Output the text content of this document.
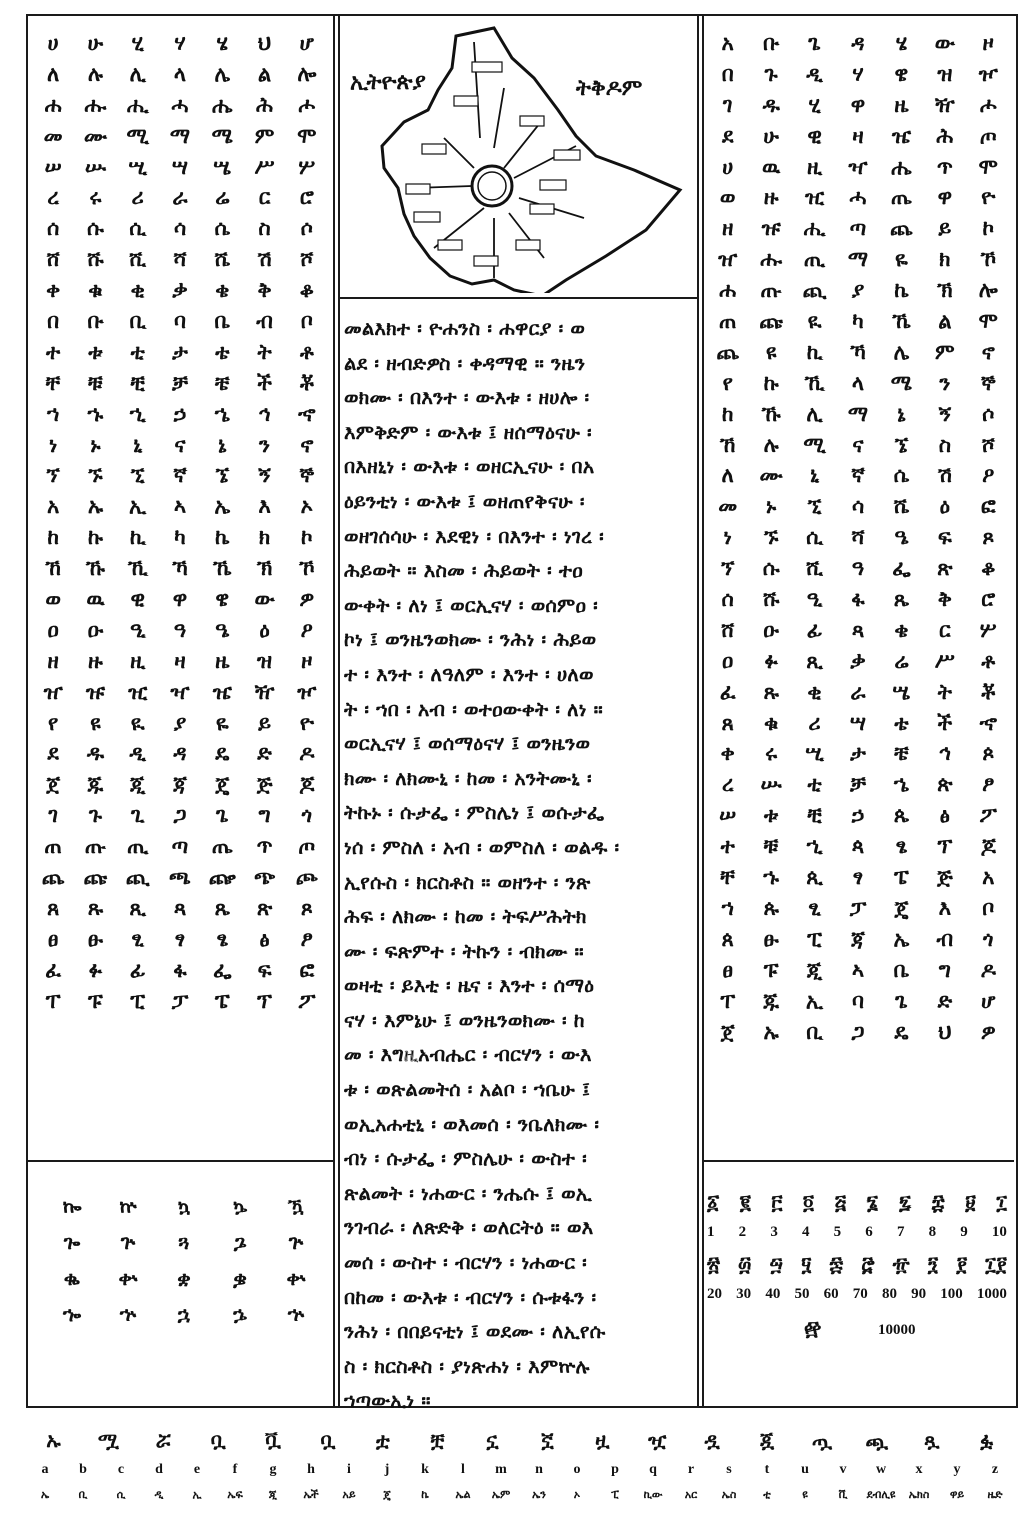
ሀ	ሁ	ሂ	ሃ	ሄ	ህ	ሆ
ለ	ሉ	ሊ	ላ	ሌ	ል	ሎ
ሐ	ሑ ሒ	ሓ	ሔ	ሕ	ሖ
መ	ሙ ሚ ማ	ሜ	ም	ሞ
ሠ	ሡ	ሢ	ሣ	ሤ	ሥ	ሦ
ረ	ሩ	ሪ	ራ	ሬ	ር	ሮ
ሰ	ሱ	ሲ	ሳ	ሴ	ስ	ሶ
ሸ	ሹ	ሺ	ሻ	ሼ	ሽ	ሾ
ቀ	ቁ	ቂ	ቃ	ቄ	ቅ	ቆ
በ	ቡ	ቢ	ባ	ቤ	ብ	ቦ
ተ	ቱ	ቲ	ታ	ቴ	ት	ቶ
ቸ	ቹ	ቺ	ቻ	ቼ	ች	ቾ
ኀ	ኁ	ኂ	ኃ	ኄ	ኅ	ኆ
ነ	ኑ	ኒ	ና	ኔ	ን	ኖ
ኘ	ኙ	ኚ	ኛ	ኜ	ኝ	ኞ
አ	ኡ	ኢ	ኣ	ኤ	እ	ኦ
ከ	ኩ	ኪ	ካ	ኬ	ክ	ኮ
ኸ	ኹ	ኺ	ኻ	ኼ	ኽ	ኾ
ወ	ዉ	ዊ	ዋ	ዌ	ው	ዎ
ዐ	ዑ	ዒ	ዓ	ዔ	ዕ	ዖ
ዘ	ዙ	ዚ	ዛ	ዜ	ዝ	ዞ
ዠ	ዡ	ዢ	ዣ	ዤ	ዥ	ዦ
የ	ዩ	ዪ	ያ	ዬ	ይ	ዮ
ደ	ዱ	ዲ	ዳ	ዴ	ድ	ዶ
ጀ	ጁ	ጂ	ጃ	ጄ	ጅ	ጆ
ገ	ጉ	ጊ	ጋ	ጌ	ግ	ጎ
ጠ	ጡ	ጢ	ጣ	ጤ	ጥ	ጦ
ጨ ጩ ጪ ጫ ጬ ጭ ጮ
ጸ	ጹ	ጺ	ጻ	ጼ	ጽ	ጾ
ፀ	ፁ	ፂ	ፃ	ፄ	ፅ	ፆ
ፈ	ፉ	ፊ	ፋ	ፌ	ፍ	ፎ
ፐ	ፑ	ፒ	ፓ	ፔ	ፕ	ፖ
ኰ	ኵ	ኳ	ኴ	ዃ
ጐ	ጕ	ጓ	ጔ	ጕ
ቈ	ቍ	ቋ	ቌ	ቍ
ኈ	ኍ	ኋ	ኌ	ኍ
ኢትዮጵያ	ትቅዶም
መልእክተ ፡ ዮሐንስ ፡ ሐዋርያ ፡ ወ
ልደ ፡ ዘብድዎስ ፡ ቀዳማዊ ። ንዜን
ወክሙ ፡ በእንተ ፡ ውእቱ ፡ ዘሀሎ ፡
እምቅድም ፡ ውእቱ ፤ ዘሰማዕናሁ ፡
በእዘኒነ ፡ ውእቱ ፡ ወዘርኢናሁ ፡ በአ
ዕይንቲነ ፡ ውእቱ ፤ ወዘጠየቅናሁ ፡
ወዘገሰሳሁ ፡ እደዊነ ፡ በእንተ ፡ ነገረ ፡
ሕይወት ። እስመ ፡ ሕይወት ፡ ተዐ
ውቀት ፡ ለነ ፤ ወርኢናሃ ፡ ወሰምዐ ፡
ኮነ ፤ ወንዜንወክሙ ፡ ንሕነ ፡ ሕይወ
ተ ፡ እንተ ፡ ለዓለም ፡ እንተ ፡ ሀለወ
ት ፡ ኀበ ፡ አብ ፡ ወተዐውቀት ፡ ለነ ።
ወርኢናሃ ፤ ወሰማዕናሃ ፤ ወንዜንወ
ክሙ ፡ ለክሙኒ ፡ ከመ ፡ አንትሙኒ ፡
ትኩኑ ፡ ሱታፌ ፡ ምስሌነ ፤ ወሱታፌ
ነሰ ፡ ምስለ ፡ አብ ፡ ወምስለ ፡ ወልዱ ፡
ኢየሱስ ፡ ክርስቶስ ። ወዘንተ ፡ ንጽ
ሕፍ ፡ ለክሙ ፡ ከመ ፡ ትፍሥሕትክ
ሙ ፡ ፍጽምተ ፡ ትኩን ፡ ብክሙ ።
ወዛቲ ፡ ይእቲ ፡ ዜና ፡ እንተ ፡ ሰማዕ
ናሃ ፡ እምኔሁ ፤ ወንዜንወክሙ ፡ ከ
መ ፡ እግዚአብሔር ፡ ብርሃን ፡ ውእ
ቱ ፡ ወጽልመትሰ ፡ አልቦ ፡ ኀቤሁ ፤
ወኢአሐቲኒ ፡ ወእመሰ ፡ ንቤለክሙ ፡
ብነ ፡ ሱታፌ ፡ ምስሌሁ ፡ ውስተ ፡
ጽልመት ፡ ነሐውር ፡ ንሔሱ ፤ ወኢ
ንገብራ ፡ ለጽድቅ ፡ ወለርትዕ ። ወእ
መሰ ፡ ውስተ ፡ ብርሃን ፡ ነሐውር ፡
በከመ ፡ ውእቱ ፡ ብርሃን ፡ ሱቱፋን ፡
ንሕነ ፡ በበይናቲነ ፤ ወደሙ ፡ ለኢየሱ
ስ ፡ ክርስቶስ ፡ ያነጽሐነ ፡ እምኵሉ
ኀጣውኢነ ።
አ	ቡ	ጌ	ዳ	ሄ	ው	ዞ
በ	ጉ	ዲ	ሃ	ዌ	ዝ	ዦ
ገ	ዱ	ሂ	ዋ	ዜ	ዥ	ሖ
ደ	ሁ	ዊ	ዛ	ዤ	ሕ	ጦ
ሀ	ዉ	ዚ	ዣ	ሔ	ጥ	ሞ
ወ	ዙ	ዢ	ሓ	ጤ	ዋ	ዮ
ዘ	ዡ	ሒ	ጣ	ጨ	ይ	ኮ
ዠ	ሑ	ጢ	ማ	ዬ	ክ	ኾ
ሐ	ጡ ጪ	ያ	ኬ	ኽ	ሎ
ጠ	ጩ	ዪ	ካ	ኼ	ል	ሞ
ጨ	ዩ	ኪ	ኻ	ሌ	ም	ኖ
የ	ኩ	ኺ	ላ	ሜ	ን	ኞ
ከ	ኹ	ሊ	ማ	ኔ	ኝ	ሶ
ኸ	ሉ	ሚ	ና	ኜ	ስ	ሾ
ለ	ሙ	ኒ	ኛ	ሴ	ሽ	ዖ
መ	ኑ	ኚ	ሳ	ሼ	ዕ	ፎ
ነ	ኙ	ሲ	ሻ	ዔ	ፍ	ጾ
ኘ	ሱ	ሺ	ዓ	ፌ	ጽ	ቆ
ሰ	ሹ	ዒ	ፋ	ጼ	ቅ	ሮ
ሸ	ዑ	ፊ	ጻ	ቄ	ር	ሦ
ዐ	ፉ	ጺ	ቃ	ሬ	ሥ	ቶ
ፈ	ጹ	ቂ	ራ	ሤ	ት	ቾ
ጸ	ቁ	ሪ	ሣ	ቴ	ች	ኆ
ቀ	ሩ	ሢ	ታ	ቼ	ኅ	ጶ
ረ	ሡ	ቲ	ቻ	ኄ	ጵ	ፆ
ሠ	ቱ	ቺ	ኃ	ጴ	ፅ	ፖ
ተ	ቹ	ኂ	ጳ	ፄ	ፕ	ጆ
ቸ	ኁ	ጲ	ፃ	ፔ	ጅ	አ
ኀ	ጱ	ፂ	ፓ	ጄ	እ	ቦ
ጰ	ፁ	ፒ	ጃ	ኤ	ብ	ጎ
ፀ	ፑ	ጂ	ኣ	ቤ	ግ	ዶ
ፐ	ጁ	ኢ	ባ	ጌ	ድ	ሆ
ጀ	ኡ	ቢ	ጋ	ዴ	ህ	ዎ
፩ ፪ ፫ ፬ ፭ ፮ ፯ ፰ ፱ ፲
1 2 3 4 5 6 7 8 9 10
፳ ፴ ፵ ፶ ፷ ፸ ፹ ፺ ፻ ፲፻
20 30 40 50 60 70 80 90 100 1000
፼	10000
ኡ	ሟ	ሯ	ቧ	ቯ	ቧ	ቷ	ቿ	ኗ	ኟ	ዟ	ዧ	ዷ	ጇ	ጧ	ጯ	ጿ	ፏ
a	b	c	d	e	f	g	h	i	j	k	l	m	n	o	p	q	r	s	t	u	v	w	x	y	z
ኤ	ቢ	ሲ	ዲ	ኢ	ኤፍ	ጂ	ኤች	አይ	ጄ	ኬ	ኤል	ኤም	ኤን	ኦ	ፒ	ኪው	አር	ኤስ	ቲ	ዩ	ቪ	ደብሊዩ	ኤክስ	ዋይ	ዜድ
